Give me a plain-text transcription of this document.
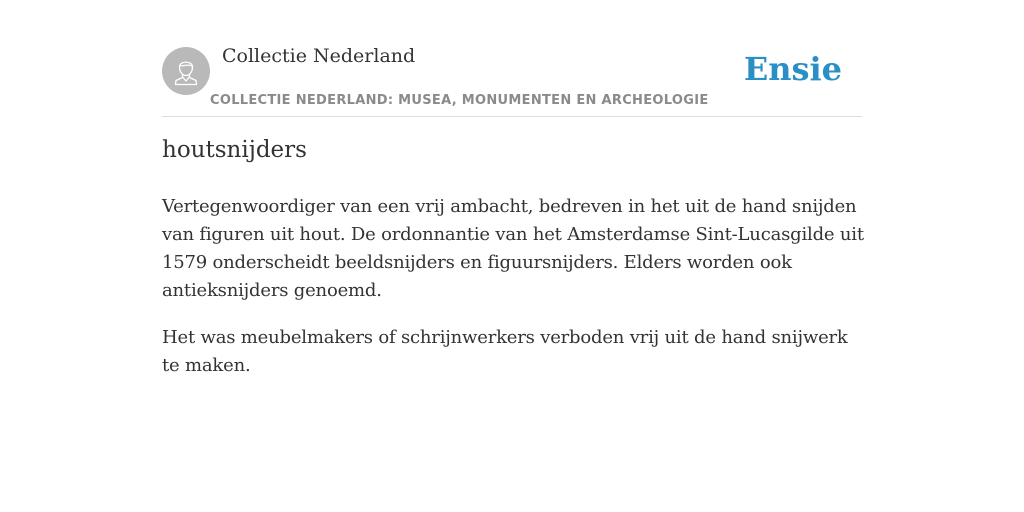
Collectie Nederland
COLLECTIE NEDERLAND: MUSEA, MONUMENTEN EN ARCHEOLOGIE
Ensie
houtsnijders

Vertegenwoordiger van een vrij ambacht, bedreven in het uit de hand snijden van figuren uit hout. De ordonnantie van het Amsterdamse Sint-Lucasgilde uit 1579 onderscheidt beeldsnijders en figuursnijders. Elders worden ook antieksnijders genoemd.

Het was meubelmakers of schrijnwerkers verboden vrij uit de hand snijwerk te maken.
